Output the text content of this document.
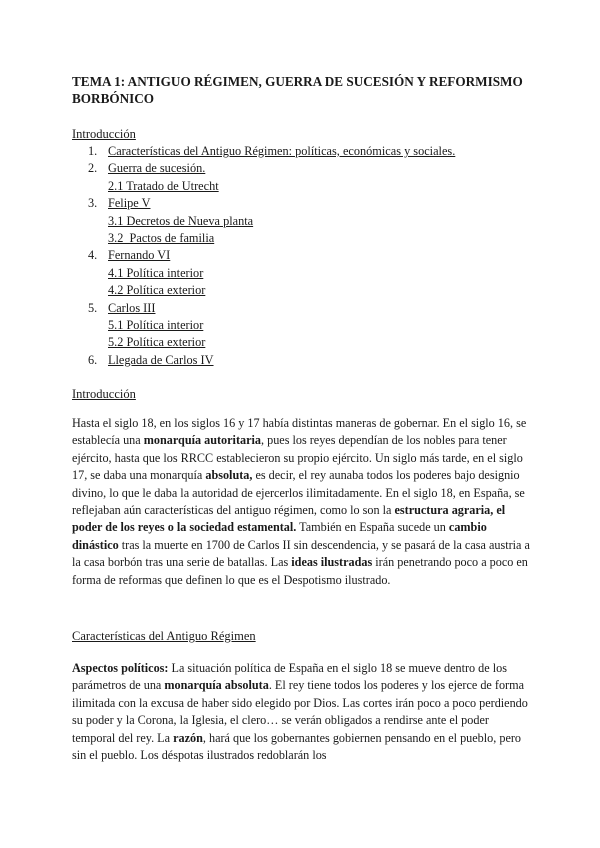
TEMA 1: ANTIGUO RÉGIMEN, GUERRA DE SUCESIÓN Y REFORMISMO BORBÓNICO
Introducción
1. Características del Antiguo Régimen: políticas, económicas y sociales.
2. Guerra de sucesión.
2.1 Tratado de Utrecht
3. Felipe V
3.1 Decretos de Nueva planta
3.2  Pactos de familia
4. Fernando VI
4.1 Política interior
4.2 Política exterior
5. Carlos III
5.1 Política interior
5.2 Política exterior
6. Llegada de Carlos IV
Introducción

Hasta el siglo 18, en los siglos 16 y 17 había distintas maneras de gobernar. En el siglo 16, se establecía una monarquía autoritaria, pues los reyes dependían de los nobles para tener ejército, hasta que los RRCC establecieron su propio ejército. Un siglo más tarde, en el siglo 17, se daba una monarquía absoluta, es decir, el rey aunaba todos los poderes bajo designio divino, lo que le daba la autoridad de ejercerlos ilimitadamente. En el siglo 18, en España, se reflejaban aún características del antiguo régimen, como lo son la estructura agraria, el poder de los reyes o la sociedad estamental. También en España sucede un cambio dinástico tras la muerte en 1700 de Carlos II sin descendencia, y se pasará de la casa austria a la casa borbón tras una serie de batallas. Las ideas ilustradas irán penetrando poco a poco en forma de reformas que definen lo que es el Despotismo ilustrado.

Características del Antiguo Régimen

Aspectos políticos: La situación política de España en el siglo 18 se mueve dentro de los parámetros de una monarquía absoluta. El rey tiene todos los poderes y los ejerce de forma ilimitada con la excusa de haber sido elegido por Dios. Las cortes irán poco a poco perdiendo su poder y la Corona, la Iglesia, el clero… se verán obligados a rendirse ante el poder temporal del rey. La razón, hará que los gobernantes gobiernen pensando en el pueblo, pero sin el pueblo. Los déspotas ilustrados redoblarán los
